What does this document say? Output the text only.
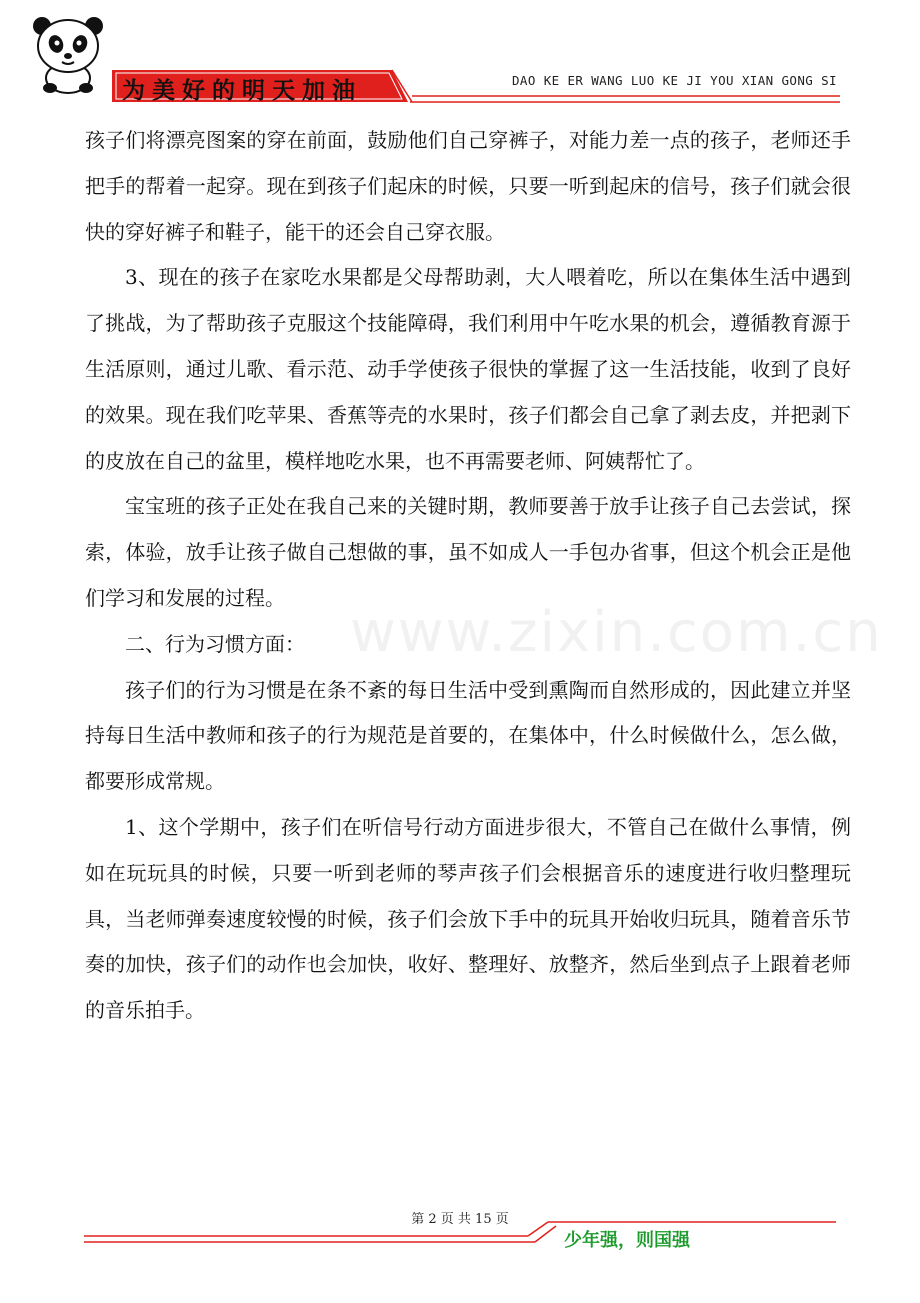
为美好的明天加油	DAO KE ER WANG LUO KE JI YOU XIAN GONG SI
www.zixin.com.cn

孩子们将漂亮图案的穿在前面，鼓励他们自己穿裤子，对能力差一点的孩子，老师还手把手的帮着一起穿。现在到孩子们起床的时候，只要一听到起床的信号，孩子们就会很快的穿好裤子和鞋子，能干的还会自己穿衣服。

3、现在的孩子在家吃水果都是父母帮助剥，大人喂着吃，所以在集体生活中遇到了挑战，为了帮助孩子克服这个技能障碍，我们利用中午吃水果的机会，遵循教育源于生活原则，通过儿歌、看示范、动手学使孩子很快的掌握了这一生活技能，收到了良好的效果。现在我们吃苹果、香蕉等壳的水果时，孩子们都会自己拿了剥去皮，并把剥下的皮放在自己的盆里，模样地吃水果，也不再需要老师、阿姨帮忙了。

宝宝班的孩子正处在我自己来的关键时期，教师要善于放手让孩子自己去尝试，探索，体验，放手让孩子做自己想做的事，虽不如成人一手包办省事，但这个机会正是他们学习和发展的过程。

二、行为习惯方面：

孩子们的行为习惯是在条不紊的每日生活中受到熏陶而自然形成的，因此建立并坚持每日生活中教师和孩子的行为规范是首要的，在集体中，什么时候做什么，怎么做，都要形成常规。

1、这个学期中，孩子们在听信号行动方面进步很大，不管自己在做什么事情，例如在玩玩具的时候，只要一听到老师的琴声孩子们会根据音乐的速度进行收归整理玩具，当老师弹奏速度较慢的时候，孩子们会放下手中的玩具开始收归玩具，随着音乐节奏的加快，孩子们的动作也会加快，收好、整理好、放整齐，然后坐到点子上跟着老师的音乐拍手。

第 2 页 共 15 页
少年强，则国强
